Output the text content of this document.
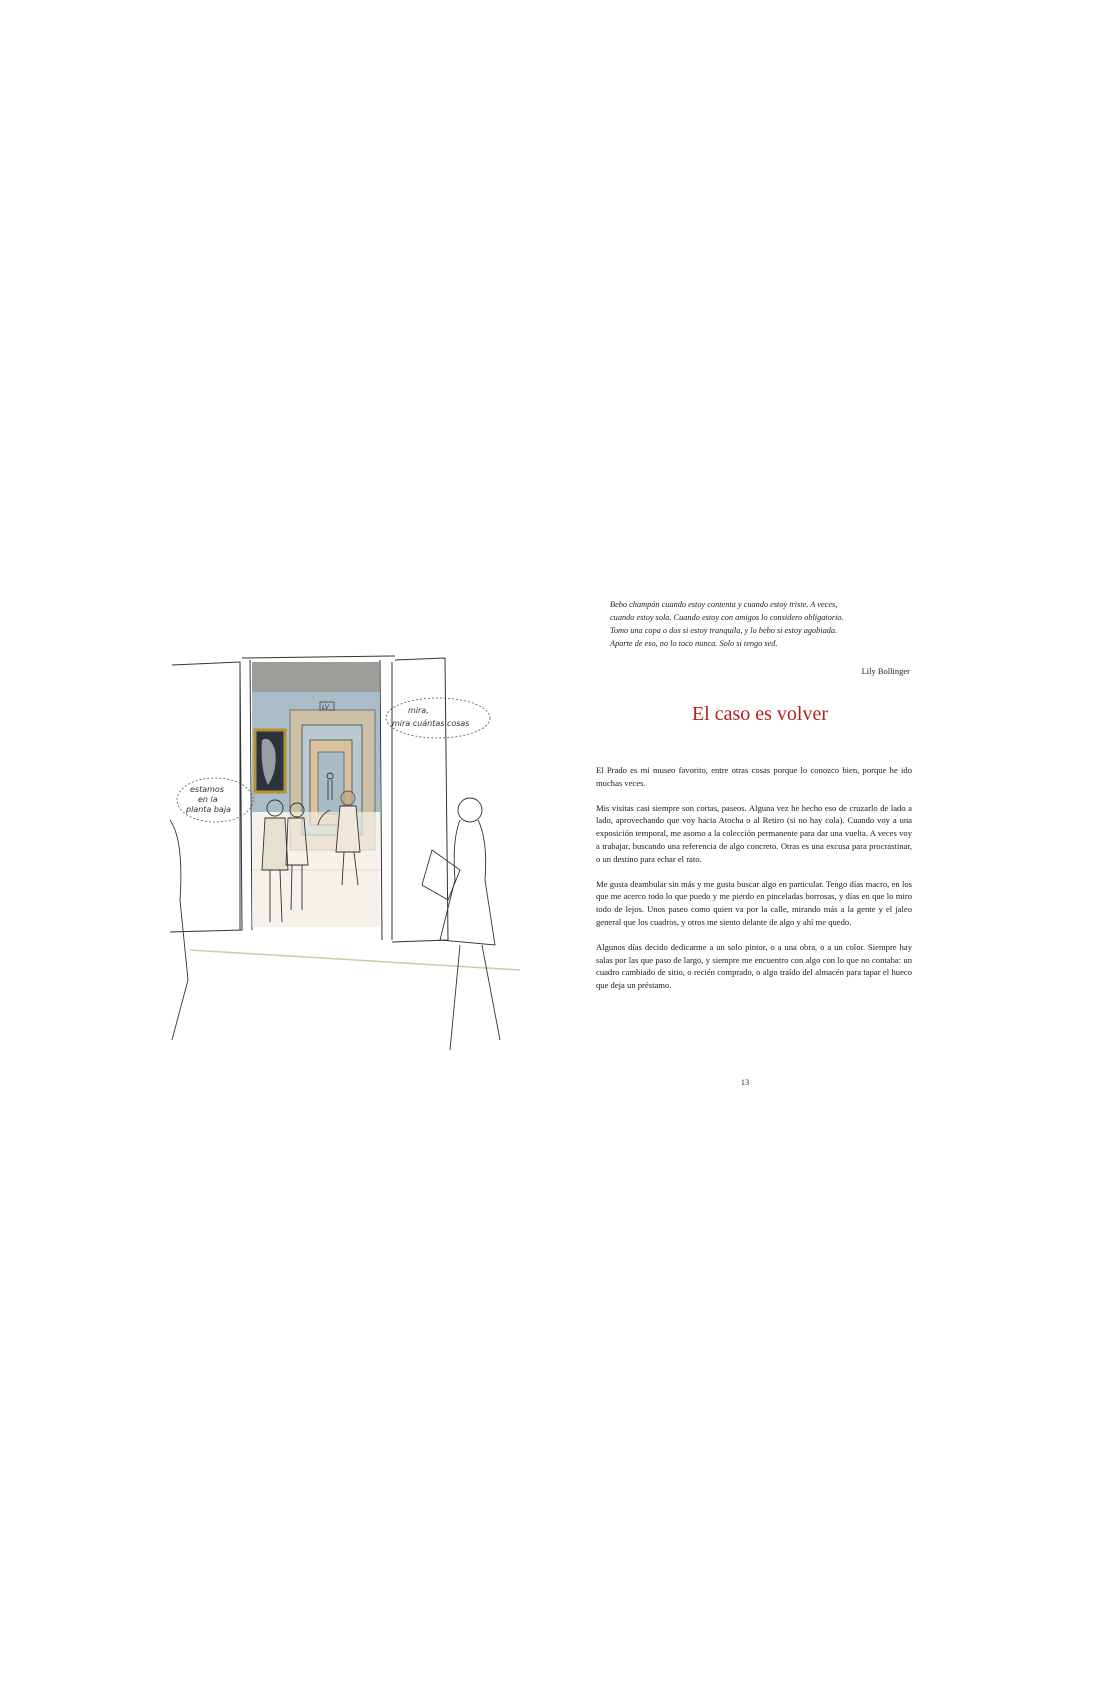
LV
estamos
en la
planta baja
mira,
mira cuántas cosas

Bebo champán cuando estoy contenta y cuando estoy triste. A veces,

cuando estoy sola. Cuando estoy con amigos lo considero obligatorio.

Tomo una copa o dos si estoy tranquila, y lo bebo si estoy agobiada.

Aparte de eso, no lo toco nunca. Solo si tengo sed.

Lily Bollinger
El caso es volver

El Prado es mi museo favorito, entre otras cosas porque lo conozco bien, porque he ido muchas veces.

Mis visitas casi siempre son cortas, paseos. Alguna vez he hecho eso de cruzarlo de lado a lado, aprovechando que voy hacia Atocha o al Retiro (si no hay cola). Cuando voy a una exposición temporal, me asomo a la colección permanente para dar una vuelta. A veces voy a trabajar, buscando una referencia de algo concreto. Otras es una excusa para procrastinar, o un destino para echar el rato.

Me gusta deambular sin más y me gusta buscar algo en particular. Tengo días macro, en los que me acerco todo lo que puedo y me pierdo en pinceladas borrosas, y días en que lo miro todo de lejos. Unos paseo como quien va por la calle, mirando más a la gente y el jaleo general que los cuadros, y otros me siento delante de algo y ahí me quedo.

Algunos días decido dedicarme a un solo pintor, o a una obra, o a un color. Siempre hay salas por las que paso de largo, y siempre me encuentro con algo con lo que no contaba: un cuadro cambiado de sitio, o recién comprado, o algo traído del almacén para tapar el hueco que deja un préstamo.

13
